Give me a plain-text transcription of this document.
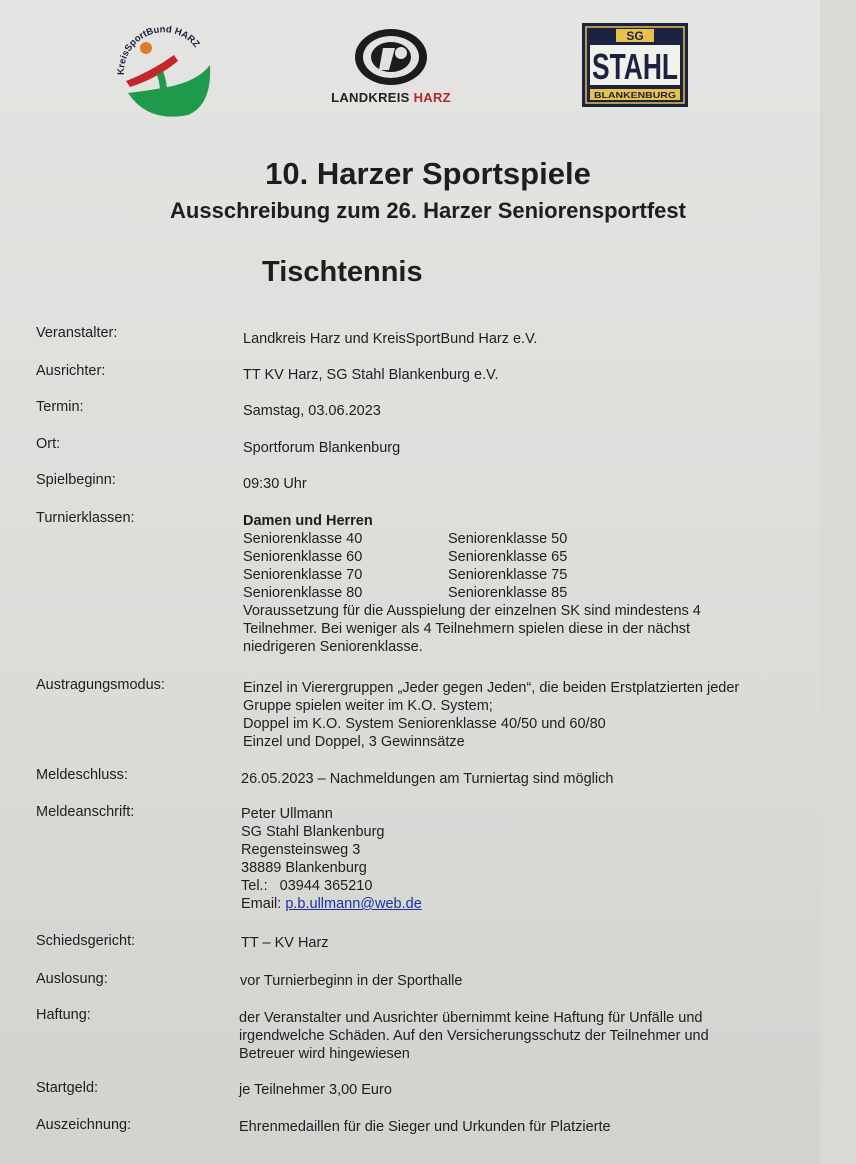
KreisSportBund HARZ
LANDKREIS HARZ
SG
STAHL
BLANKENBURG
10. Harzer Sportspiele
Ausschreibung zum 26. Harzer Seniorensportfest
Tischtennis
Veranstalter:	Landkreis Harz und KreisSportBund Harz e.V.
Ausrichter:	TT KV Harz, SG Stahl Blankenburg e.V.
Termin:	Samstag, 03.06.2023
Ort:	Sportforum Blankenburg
Spielbeginn:	09:30 Uhr
Turnierklassen:	Damen und Herren
Seniorenklasse 40	Seniorenklasse 50
Seniorenklasse 60	Seniorenklasse 65
Seniorenklasse 70	Seniorenklasse 75
Seniorenklasse 80	Seniorenklasse 85
Voraussetzung für die Ausspielung der einzelnen SK sind mindestens 4
Teilnehmer. Bei weniger als 4 Teilnehmern spielen diese in der nächst
niedrigeren Seniorenklasse.
Austragungsmodus:	Einzel in Vierergruppen „Jeder gegen Jeden“, die beiden Erstplatzierten jeder
Gruppe spielen weiter im K.O. System;
Doppel im K.O. System Seniorenklasse 40/50 und 60/80
Einzel und Doppel, 3 Gewinnsätze
Meldeschluss:	26.05.2023 – Nachmeldungen am Turniertag sind möglich
Meldeanschrift:	Peter Ullmann
SG Stahl Blankenburg
Regensteinsweg 3
38889 Blankenburg
Tel.:   03944 365210
Email: p.b.ullmann@web.de
Schiedsgericht:	TT – KV Harz
Auslosung:	vor Turnierbeginn in der Sporthalle
Haftung:	der Veranstalter und Ausrichter übernimmt keine Haftung für Unfälle und
irgendwelche Schäden. Auf den Versicherungsschutz der Teilnehmer und
Betreuer wird hingewiesen
Startgeld:	je Teilnehmer 3,00 Euro
Auszeichnung:	Ehrenmedaillen für die Sieger und Urkunden für Platzierte
